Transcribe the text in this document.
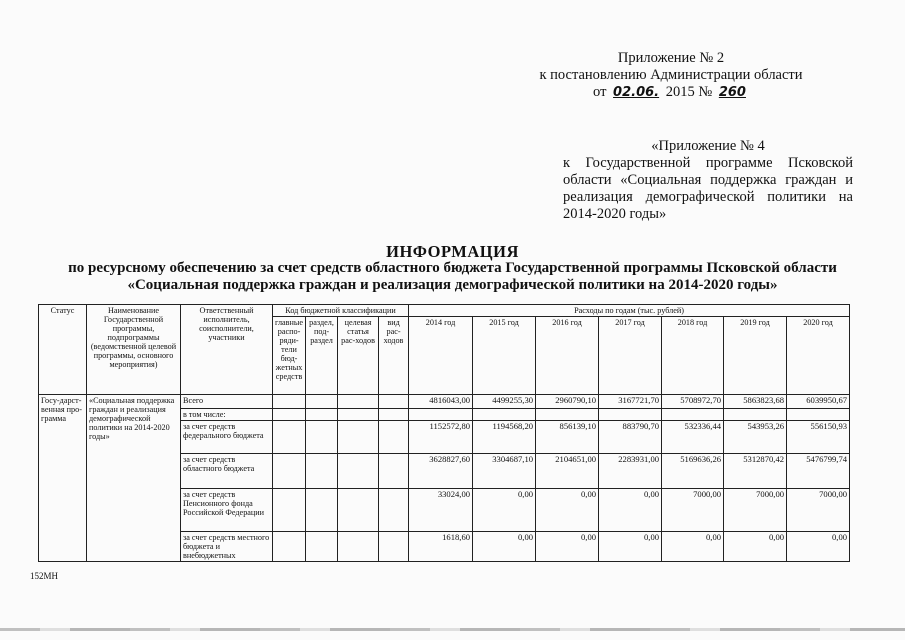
Приложение № 2
к постановлению Администрации области
от 02.06. 2015 № 260
«Приложение № 4
к Государственной программе Псковской области «Социальная поддержка граждан и реализация демографической политики на 2014-2020 годы»
ИНФОРМАЦИЯ
по ресурсному обеспечению за счет средств областного бюджета Государственной программы Псковской области
«Социальная поддержка граждан и реализация демографической политики на 2014-2020 годы»
Статус	Наименование Государственной программы, подпрограммы (ведомственной целевой программы, основного мероприятия)	Ответственный исполнитель, соисполнители, участники	Код бюджетной классификации				Расходы по годам (тыс. рублей)						
			главные распо-ряди-тели бюд-жетных средств	раздел, под-раздел	целевая статья рас-ходов	вид рас-ходов	2014 год	2015 год	2016 год	2017 год	2018 год	2019 год	2020 год
Госу-дарст-венная про-грамма	«Социальная поддержка граждан и реализация демографической политики на 2014-2020 годы»	Всего					4816043,00	4499255,30	2960790,10	3167721,70	5708972,70	5863823,68	6039950,67
		в том числе:											
		за счет средств федерального бюджета					1152572,80	1194568,20	856139,10	883790,70	532336,44	543953,26	556150,93
		за счет средств областного бюджета					3628827,60	3304687,10	2104651,00	2283931,00	5169636,26	5312870,42	5476799,74
		за счет средств Пенсионного фонда Российской Федерации					33024,00	0,00	0,00	0,00	7000,00	7000,00	7000,00
		за счет средств местного бюджета и внебюджетных					1618,60	0,00	0,00	0,00	0,00	0,00	0,00
152МН
